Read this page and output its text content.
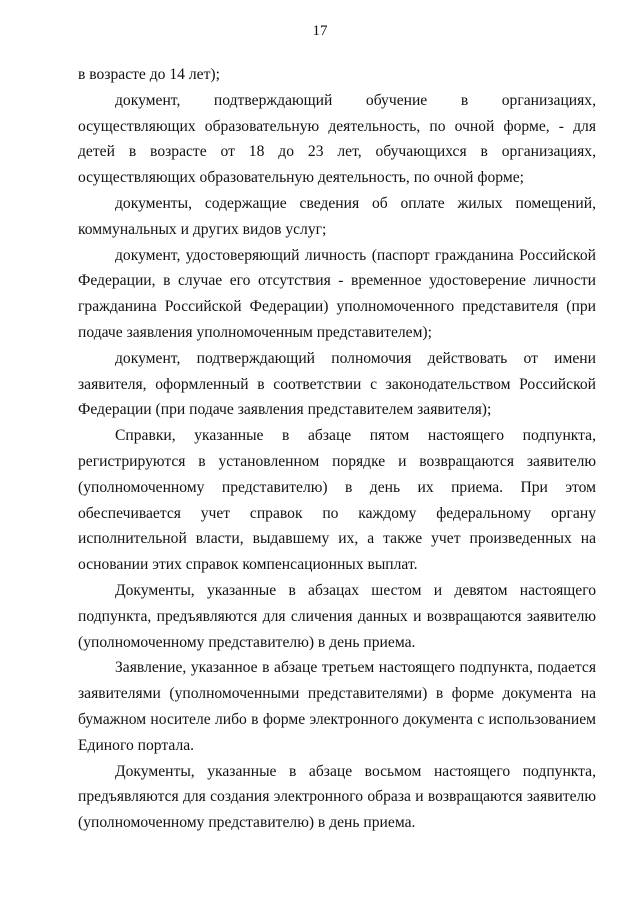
17

в возрасте до 14 лет);

документ, подтверждающий обучение в организациях, осуществляющих образовательную деятельность, по очной форме, - для детей в возрасте от 18 до 23 лет, обучающихся в организациях, осуществляющих образовательную деятельность, по очной форме;

документы, содержащие сведения об оплате жилых помещений, коммунальных и других видов услуг;

документ, удостоверяющий личность (паспорт гражданина Российской Федерации, в случае его отсутствия - временное удостоверение личности гражданина Российской Федерации) уполномоченного представителя (при подаче заявления уполномоченным представителем);

документ, подтверждающий полномочия действовать от имени заявителя, оформленный в соответствии с законодательством Российской Федерации (при подаче заявления представителем заявителя);

Справки, указанные в абзаце пятом настоящего подпункта, регистрируются в установленном порядке и возвращаются заявителю (уполномоченному представителю) в день их приема. При этом обеспечивается учет справок по каждому федеральному органу исполнительной власти, выдавшему их, а также учет произведенных на основании этих справок компенсационных выплат.

Документы, указанные в абзацах шестом и девятом настоящего подпункта, предъявляются для сличения данных и возвращаются заявителю (уполномоченному представителю) в день приема.

Заявление, указанное в абзаце третьем настоящего подпункта, подается заявителями (уполномоченными представителями) в форме документа на бумажном носителе либо в форме электронного документа с использованием Единого портала.

Документы, указанные в абзаце восьмом настоящего подпункта, предъявляются для создания электронного образа и возвращаются заявителю (уполномоченному представителю) в день приема.
